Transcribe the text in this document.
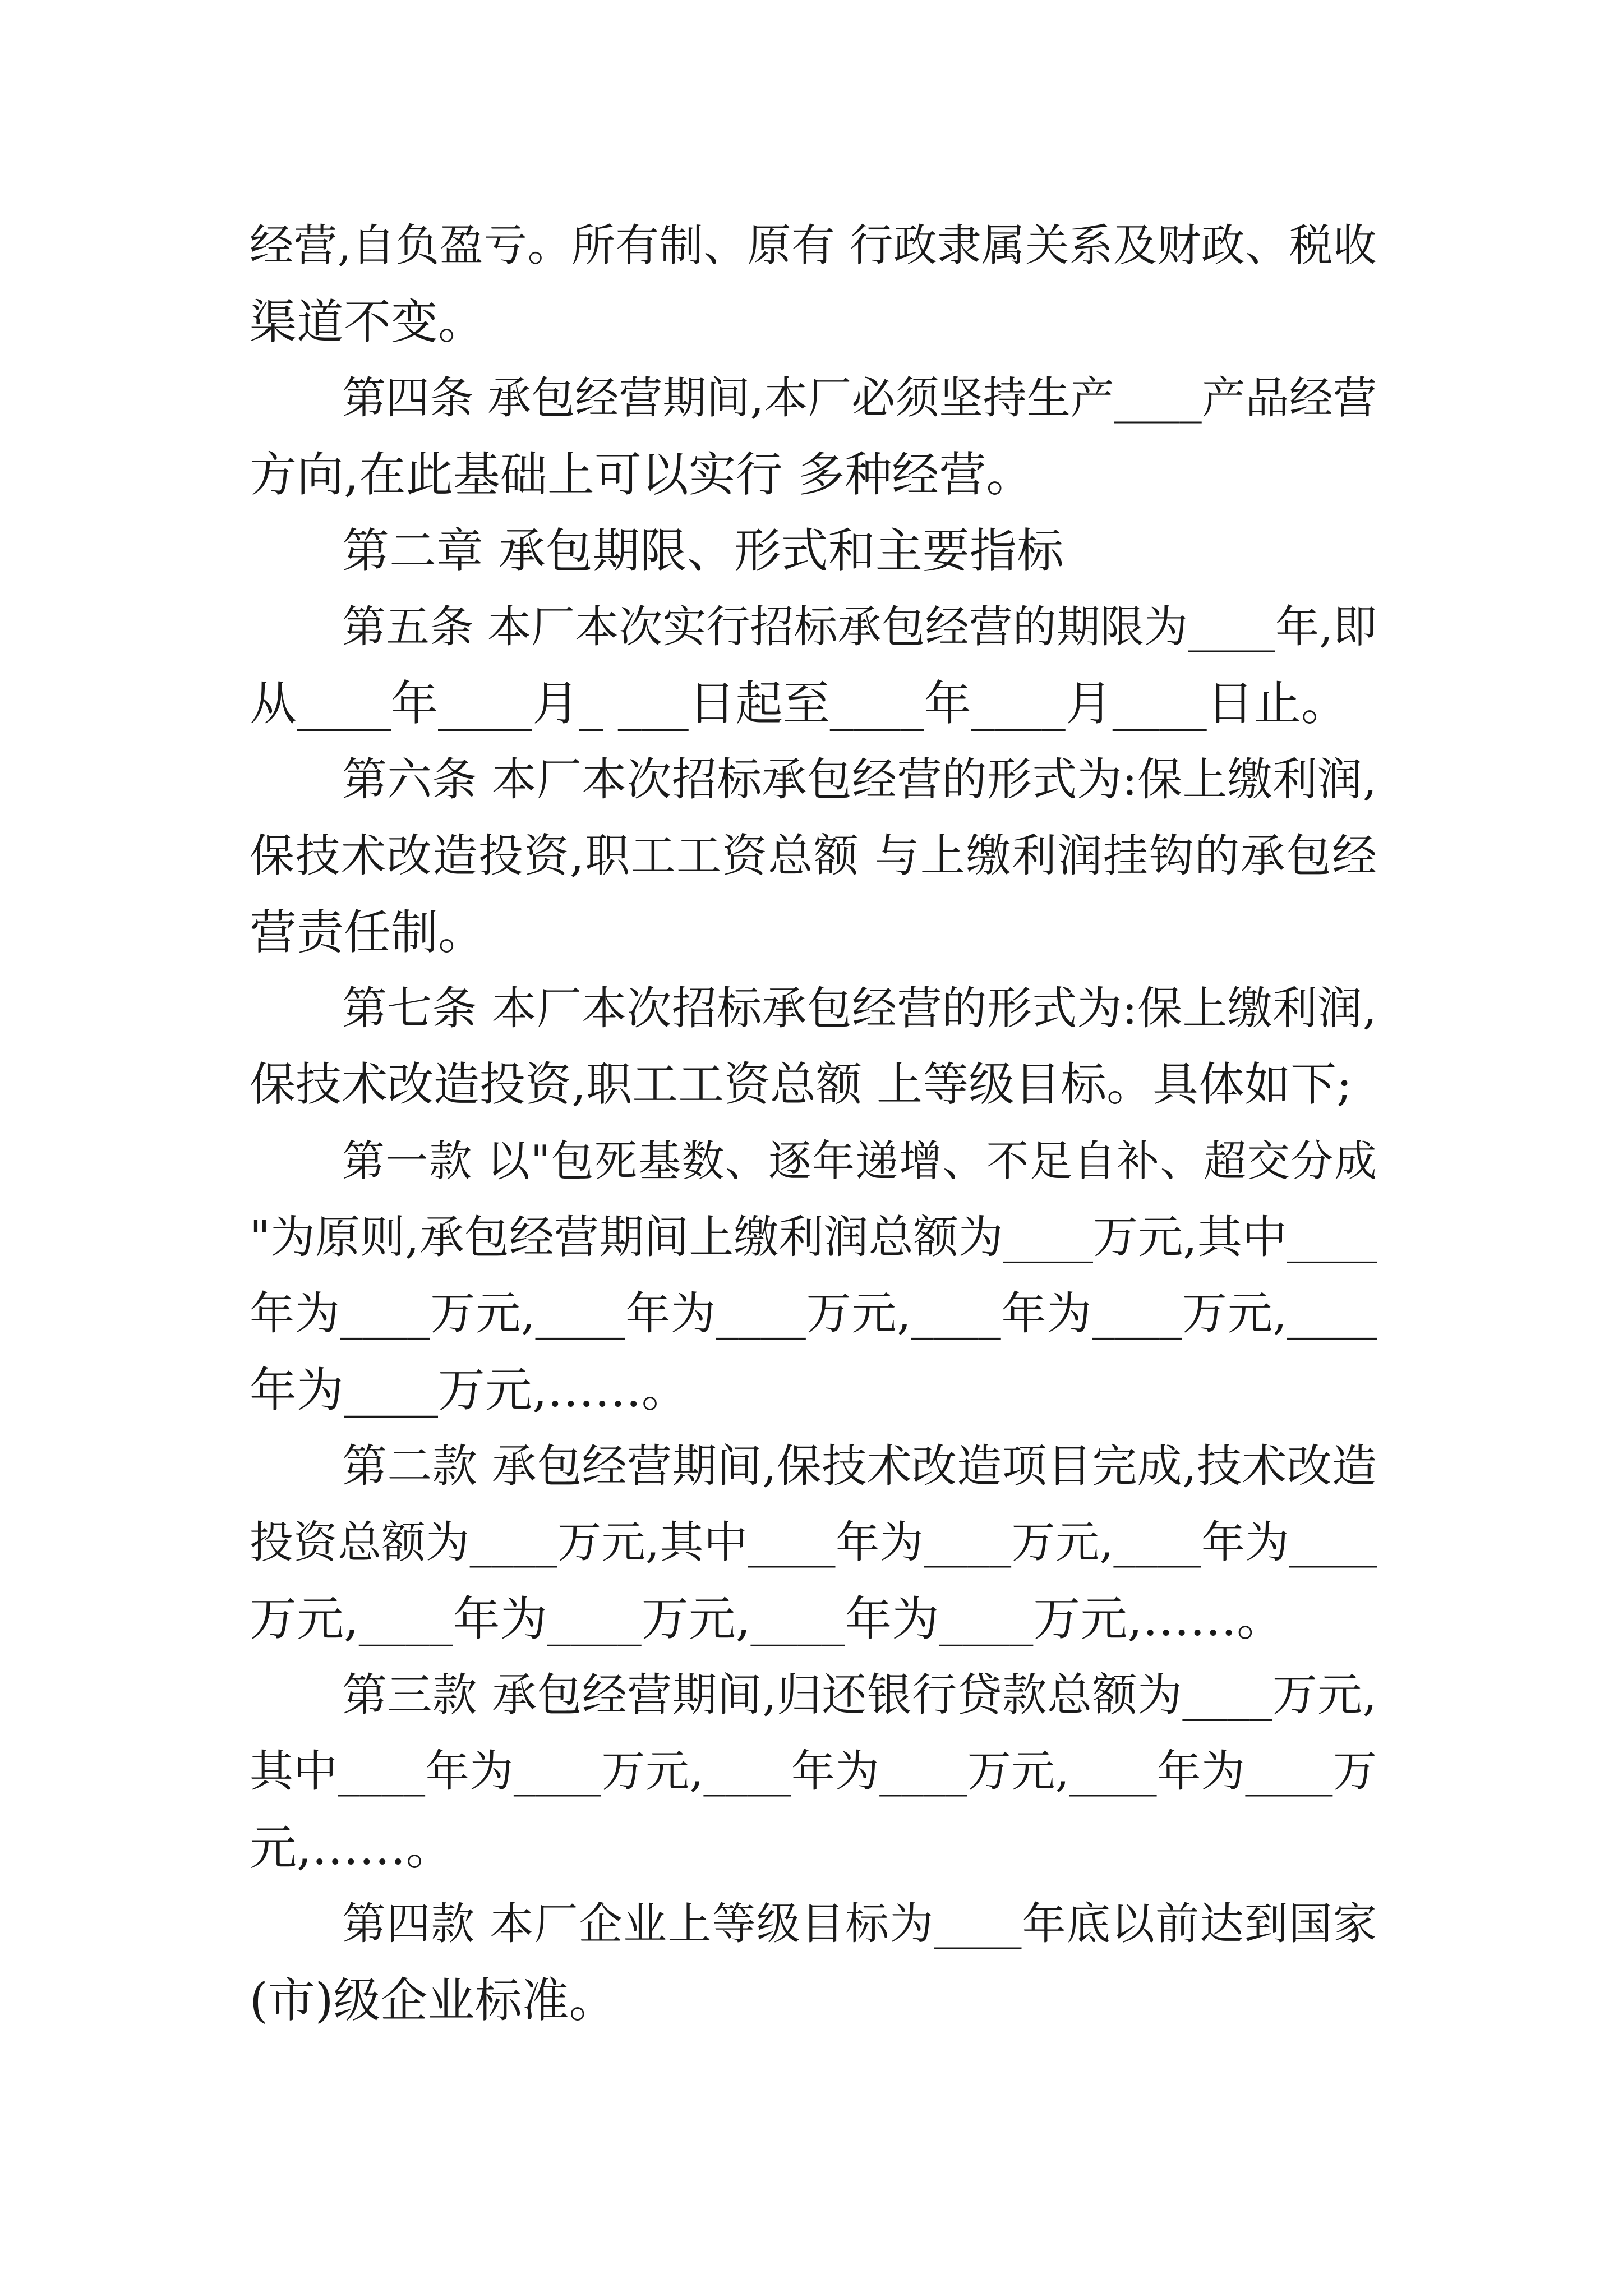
经营,自负盈亏。所有制、原有 行政隶属关系及财政、税收
渠道不变。
第四条 承包经营期间,本厂必须坚持生产____产品经营
方向,在此基础上可以实行 多种经营。
第二章 承包期限、形式和主要指标
第五条 本厂本次实行招标承包经营的期限为____年,即
从____年____月_ ___日起至____年____月____日止。
第六条 本厂本次招标承包经营的形式为:保上缴利润,
保技术改造投资,职工工资总额 与上缴利润挂钩的承包经
营责任制。
第七条 本厂本次招标承包经营的形式为:保上缴利润,
保技术改造投资,职工工资总额 上等级目标。具体如下;
第一款 以"包死基数、逐年递增、不足自补、超交分成
"为原则,承包经营期间上缴利润总额为____万元,其中____
年为____万元,____年为____万元,____年为____万元,____
年为____万元,……。
第二款 承包经营期间,保技术改造项目完成,技术改造
投资总额为____万元,其中____年为____万元,____年为____
万元,____年为____万元,____年为____万元,……。
第三款 承包经营期间,归还银行贷款总额为____万元,
其中____年为____万元,____年为____万元,____年为____万
元,……。
第四款 本厂企业上等级目标为____年底以前达到国家
(市)级企业标准。
